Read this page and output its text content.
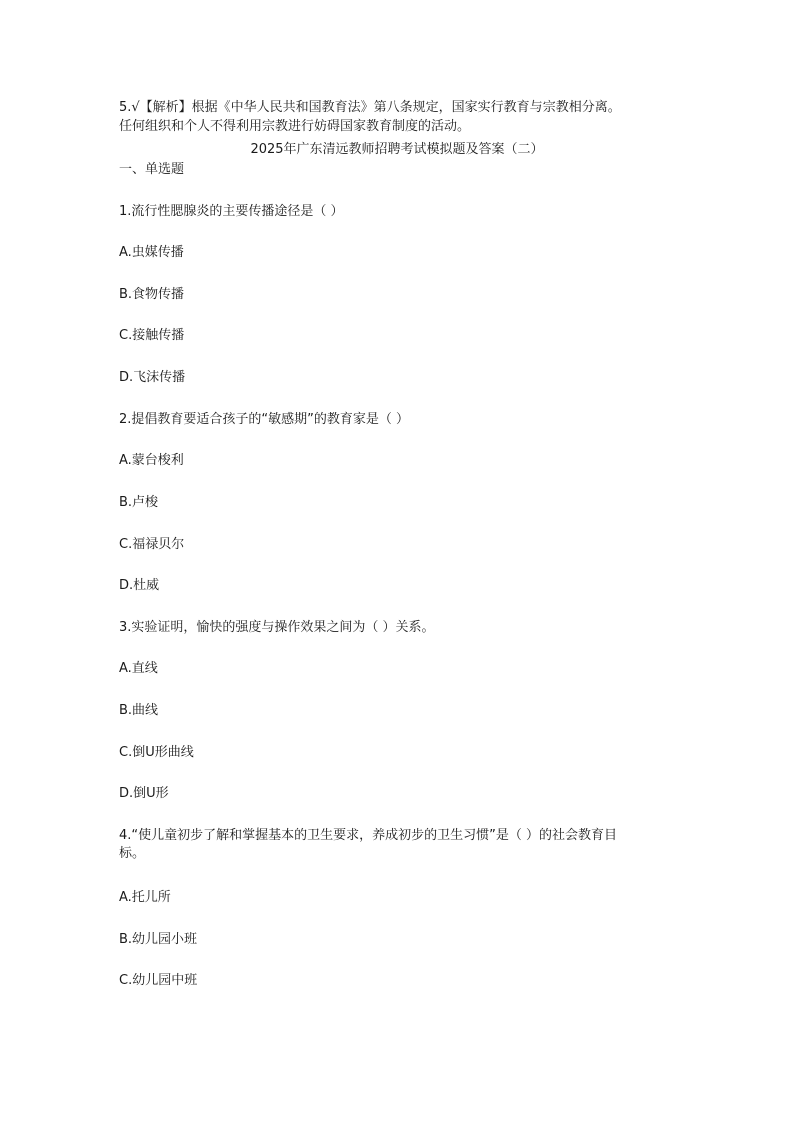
5.√【解析】根据《中华人民共和国教育法》第八条规定，国家实行教育与宗教相分离。
任何组织和个人不得利用宗教进行妨碍国家教育制度的活动。
2025年广东清远教师招聘考试模拟题及答案（二）
一、单选题
1.流行性腮腺炎的主要传播途径是（ ）
A.虫媒传播
B.食物传播
C.接触传播
D.飞沫传播
2.提倡教育要适合孩子的“敏感期”的教育家是（ ）
A.蒙台梭利
B.卢梭
C.福禄贝尔
D.杜威
3.实验证明，愉快的强度与操作效果之间为（ ）关系。
A.直线
B.曲线
C.倒U形曲线
D.倒U形
4.“使儿童初步了解和掌握基本的卫生要求，养成初步的卫生习惯”是（ ）的社会教育目
标。
A.托儿所
B.幼儿园小班
C.幼儿园中班
